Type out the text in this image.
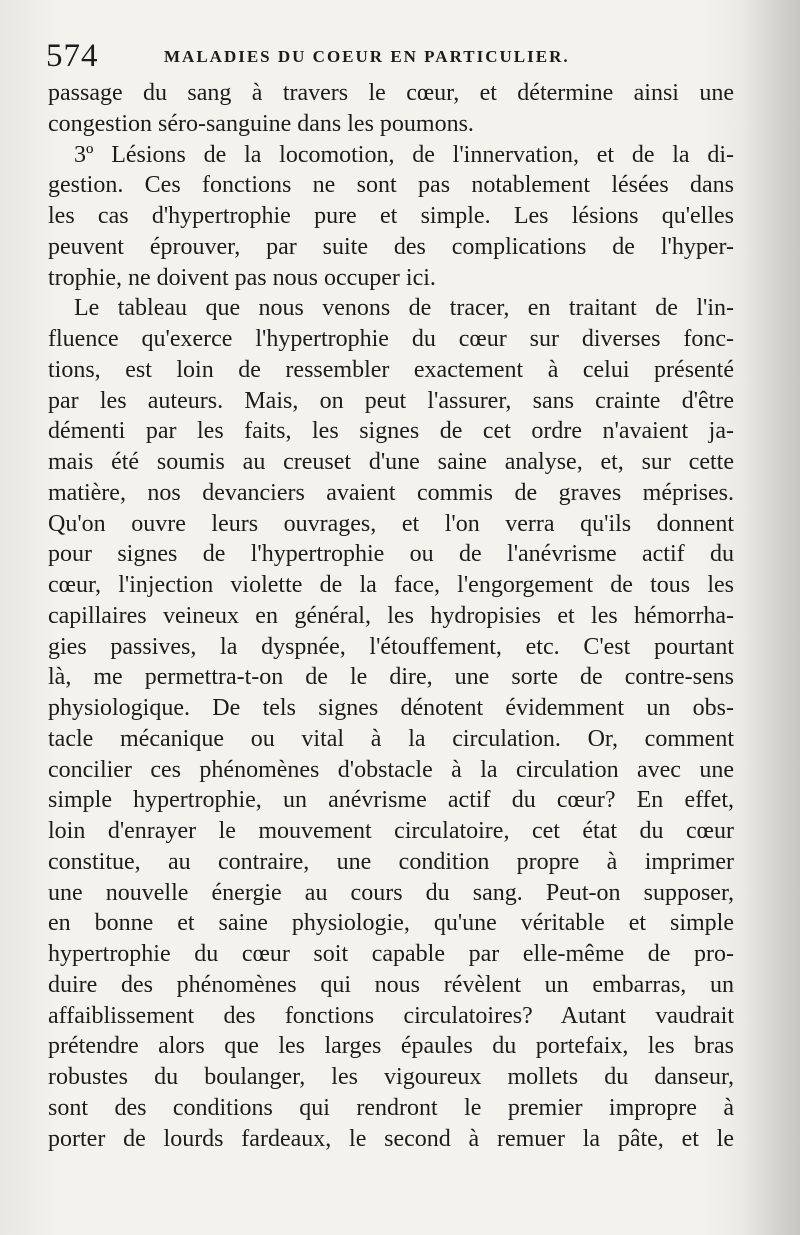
574	MALADIES DU COEUR EN PARTICULIER.
passage du sang à travers le cœur, et détermine ainsi une
congestion séro-sanguine dans les poumons.
3º Lésions de la locomotion, de l'innervation, et de la di-
gestion. Ces fonctions ne sont pas notablement lésées dans
les cas d'hypertrophie pure et simple. Les lésions qu'elles
peuvent éprouver, par suite des complications de l'hyper-
trophie, ne doivent pas nous occuper ici.
Le tableau que nous venons de tracer, en traitant de l'in-
fluence qu'exerce l'hypertrophie du cœur sur diverses fonc-
tions, est loin de ressembler exactement à celui présenté
par les auteurs. Mais, on peut l'assurer, sans crainte d'être
démenti par les faits, les signes de cet ordre n'avaient ja-
mais été soumis au creuset d'une saine analyse, et, sur cette
matière, nos devanciers avaient commis de graves méprises.
Qu'on ouvre leurs ouvrages, et l'on verra qu'ils donnent
pour signes de l'hypertrophie ou de l'anévrisme actif du
cœur, l'injection violette de la face, l'engorgement de tous les
capillaires veineux en général, les hydropisies et les hémorrha-
gies passives, la dyspnée, l'étouffement, etc. C'est pourtant
là, me permettra-t-on de le dire, une sorte de contre-sens
physiologique. De tels signes dénotent évidemment un obs-
tacle mécanique ou vital à la circulation. Or, comment
concilier ces phénomènes d'obstacle à la circulation avec une
simple hypertrophie, un anévrisme actif du cœur? En effet,
loin d'enrayer le mouvement circulatoire, cet état du cœur
constitue, au contraire, une condition propre à imprimer
une nouvelle énergie au cours du sang. Peut-on supposer,
en bonne et saine physiologie, qu'une véritable et simple
hypertrophie du cœur soit capable par elle-même de pro-
duire des phénomènes qui nous révèlent un embarras, un
affaiblissement des fonctions circulatoires? Autant vaudrait
prétendre alors que les larges épaules du portefaix, les bras
robustes du boulanger, les vigoureux mollets du danseur,
sont des conditions qui rendront le premier impropre à
porter de lourds fardeaux, le second à remuer la pâte, et le
